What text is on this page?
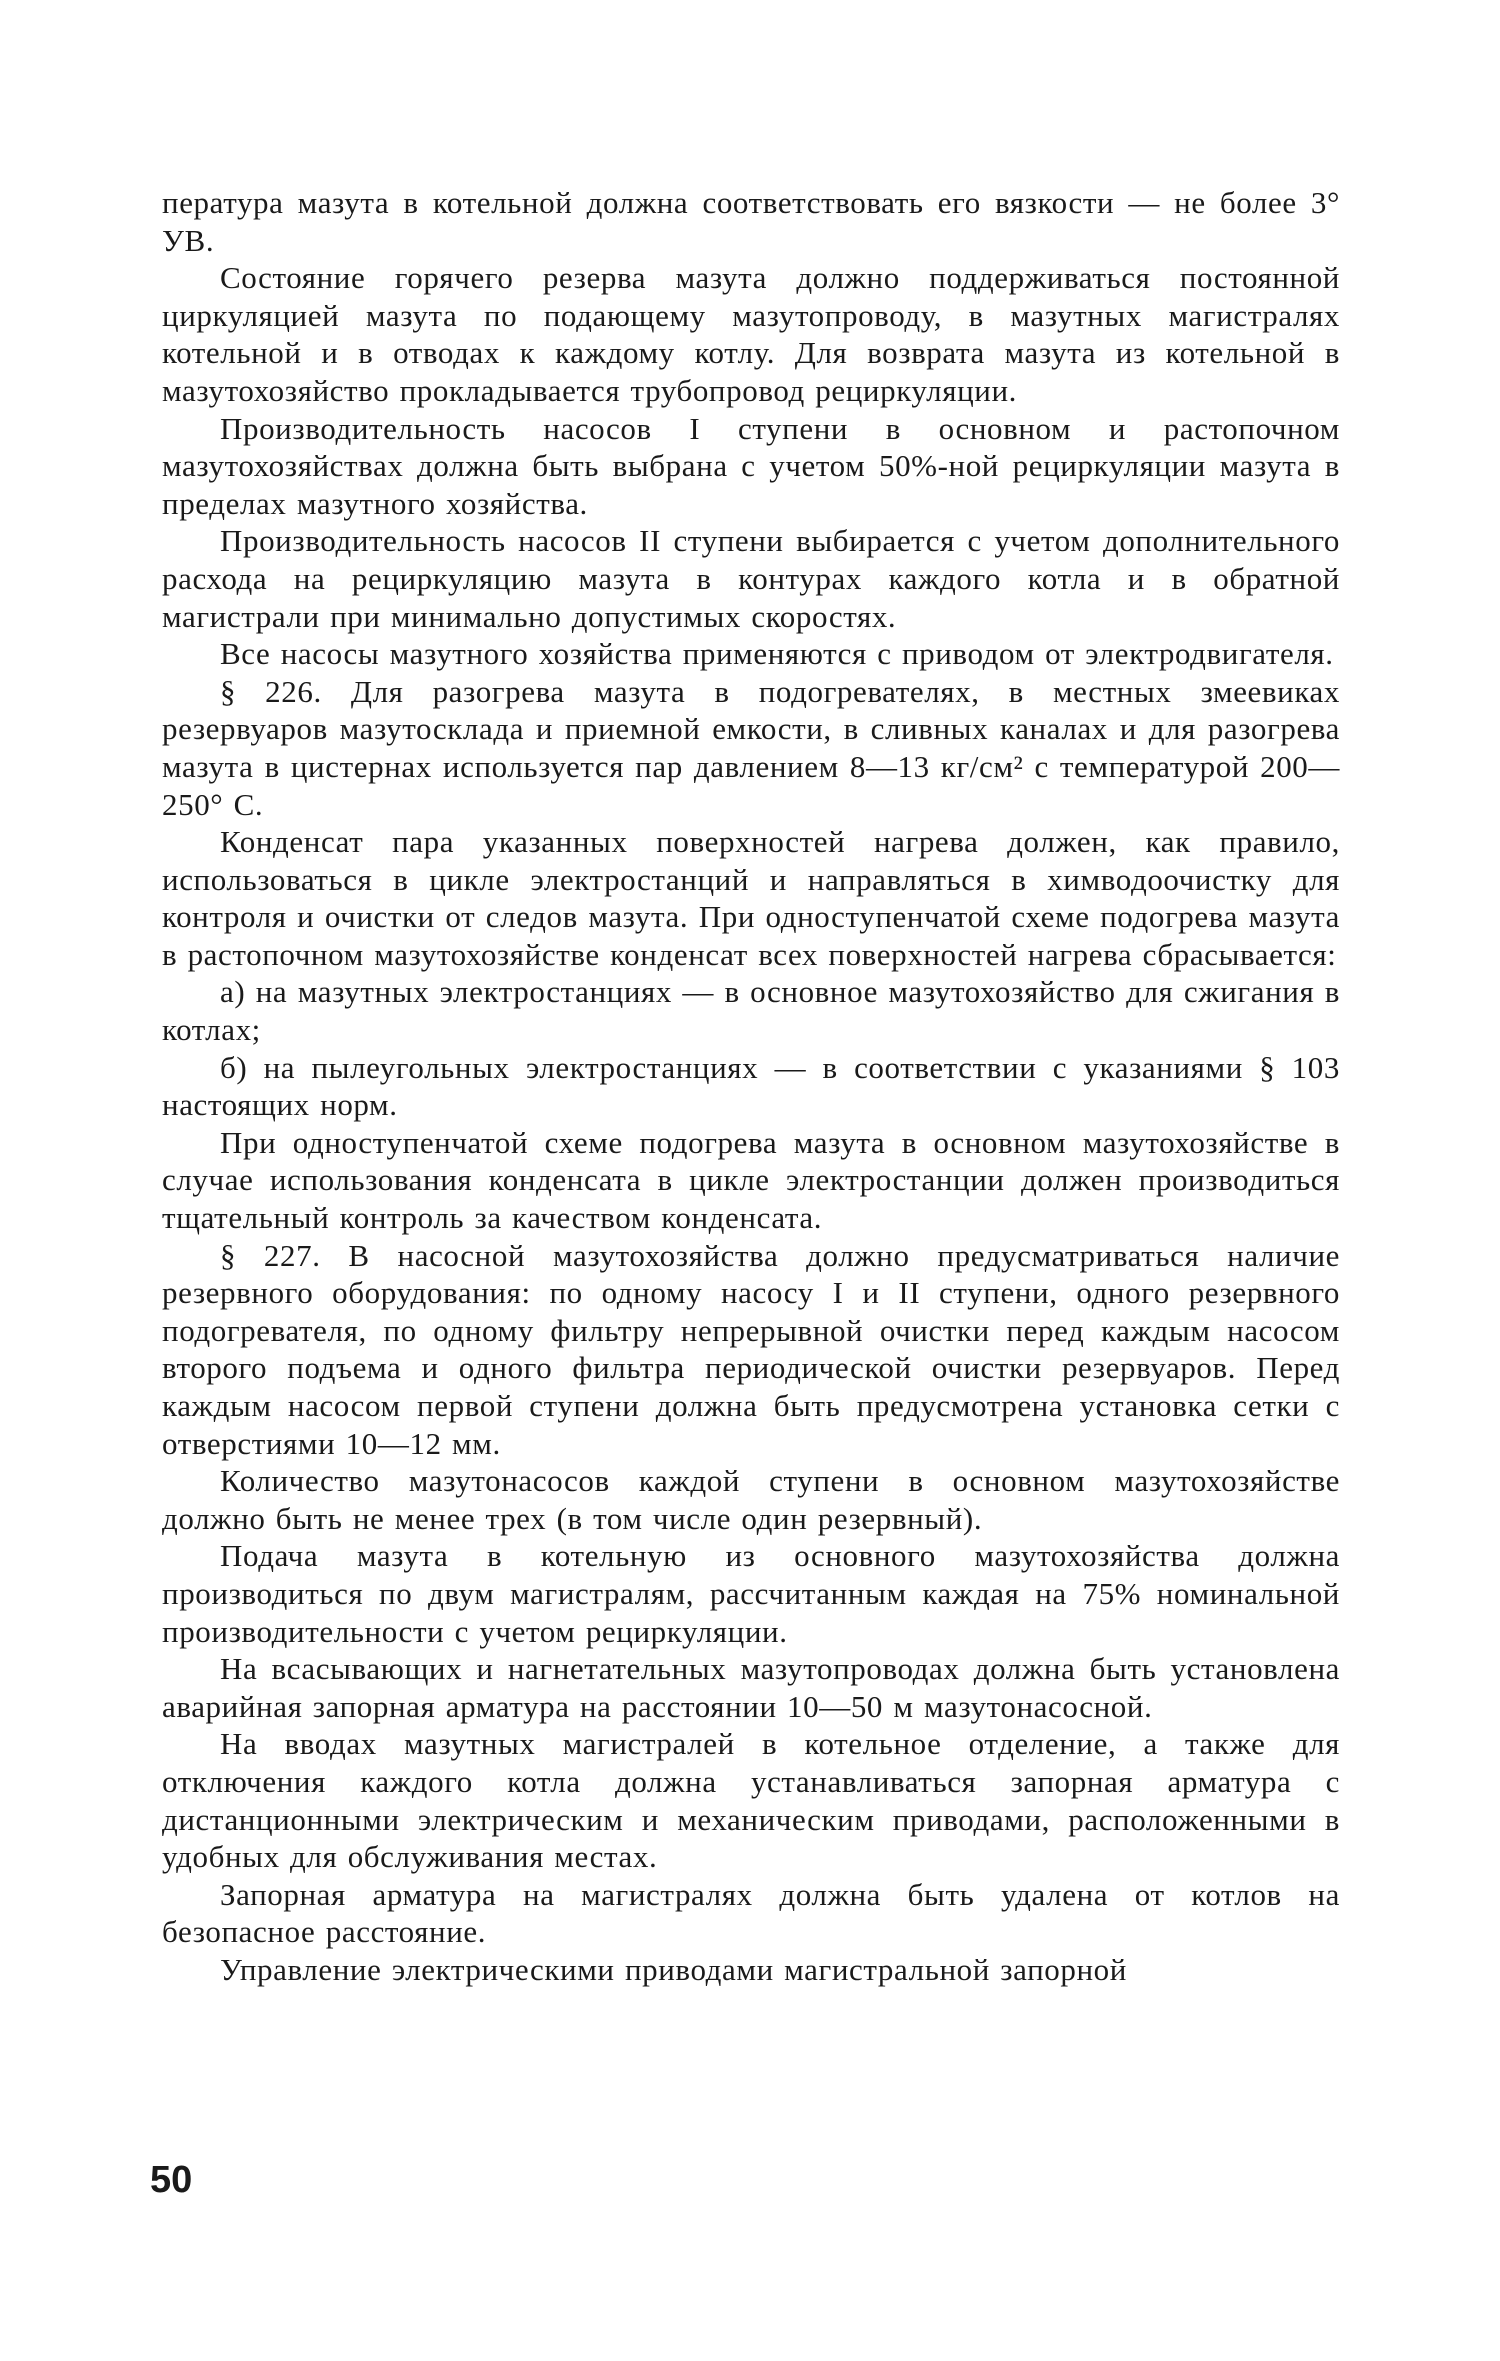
пература мазута в котельной должна соответствовать его вязкости — не более 3° УВ.

Состояние горячего резерва мазута должно поддерживаться постоянной циркуляцией мазута по подающему мазутопроводу, в мазутных магистралях котельной и в отводах к каждому котлу. Для возврата мазута из котельной в мазутохозяйство прокладывается трубопровод рециркуляции.

Производительность насосов I ступени в основном и растопочном мазутохозяйствах должна быть выбрана с учетом 50%-ной рециркуляции мазута в пределах мазутного хозяйства.

Производительность насосов II ступени выбирается с учетом дополнительного расхода на рециркуляцию мазута в контурах каждого котла и в обратной магистрали при минимально допустимых скоростях.

Все насосы мазутного хозяйства применяются с приводом от электродвигателя.

§ 226. Для разогрева мазута в подогревателях, в местных змеевиках резервуаров мазутосклада и приемной емкости, в сливных каналах и для разогрева мазута в цистернах используется пар давлением 8—13 кг/см² с температурой 200—250° С.

Конденсат пара указанных поверхностей нагрева должен, как правило, использоваться в цикле электростанций и направляться в химводоочистку для контроля и очистки от следов мазута. При одноступенчатой схеме подогрева мазута в растопочном мазутохозяйстве конденсат всех поверхностей нагрева сбрасывается:

а) на мазутных электростанциях — в основное мазутохозяйство для сжигания в котлах;

б) на пылеугольных электростанциях — в соответствии с указаниями § 103 настоящих норм.

При одноступенчатой схеме подогрева мазута в основном мазутохозяйстве в случае использования конденсата в цикле электростанции должен производиться тщательный контроль за качеством конденсата.

§ 227. В насосной мазутохозяйства должно предусматриваться наличие резервного оборудования: по одному насосу I и II ступени, одного резервного подогревателя, по одному фильтру непрерывной очистки перед каждым насосом второго подъема и одного фильтра периодической очистки резервуаров. Перед каждым насосом первой ступени должна быть предусмотрена установка сетки с отверстиями 10—12 мм.

Количество мазутонасосов каждой ступени в основном мазутохозяйстве должно быть не менее трех (в том числе один резервный).

Подача мазута в котельную из основного мазутохозяйства должна производиться по двум магистралям, рассчитанным каждая на 75% номинальной производительности с учетом рециркуляции.

На всасывающих и нагнетательных мазутопроводах должна быть установлена аварийная запорная арматура на расстоянии 10—50 м мазутонасосной.

На вводах мазутных магистралей в котельное отделение, а также для отключения каждого котла должна устанавливаться запорная арматура с дистанционными электрическим и механическим приводами, расположенными в удобных для обслуживания местах.

Запорная арматура на магистралях должна быть удалена от котлов на безопасное расстояние.

Управление электрическими приводами магистральной запорной

50
